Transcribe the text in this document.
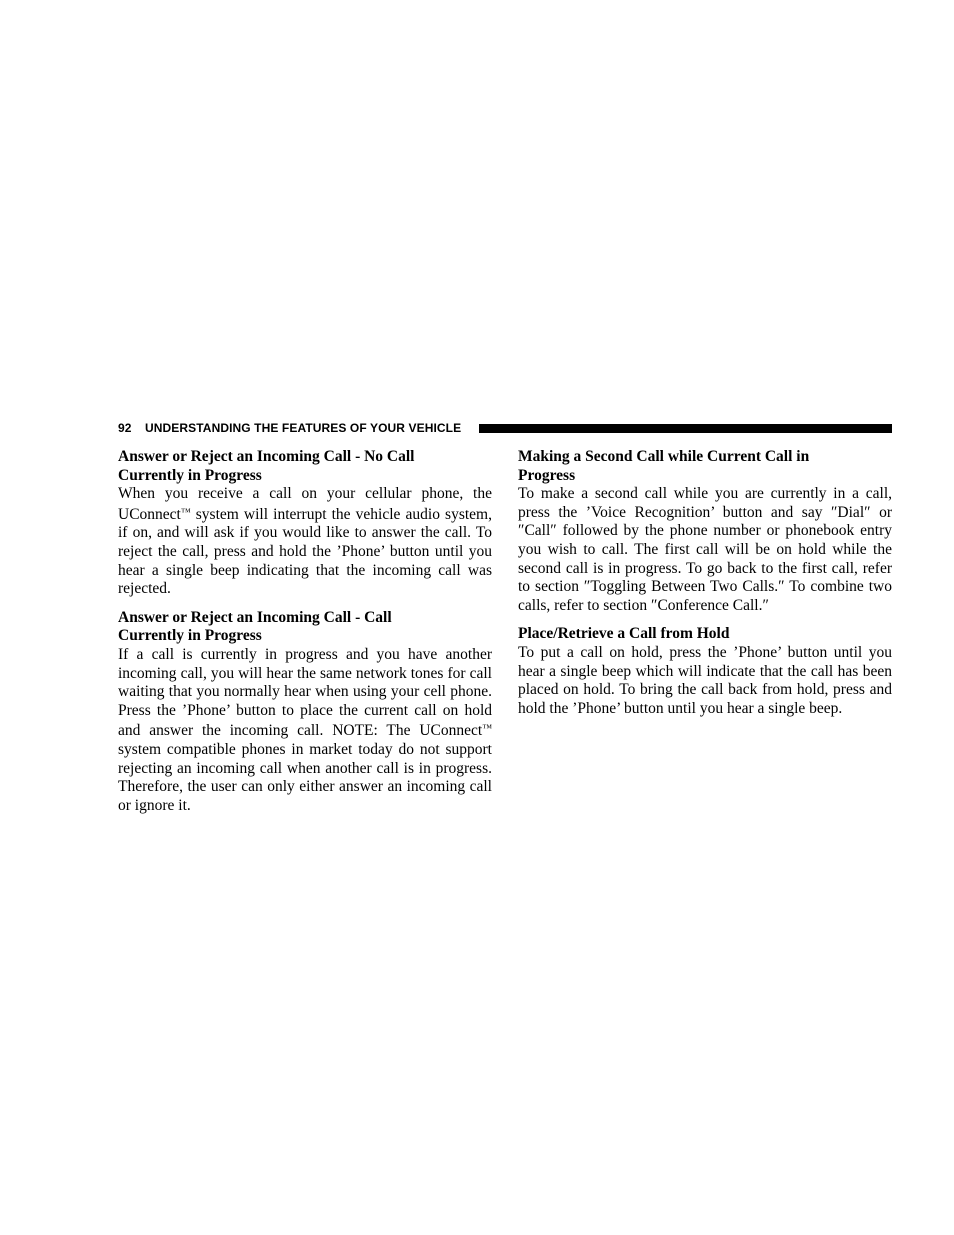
92 UNDERSTANDING THE FEATURES OF YOUR VEHICLE

Answer or Reject an Incoming Call - No Call
Currently in Progress

When you receive a call on your cellular phone, the UConnect™ system will interrupt the vehicle audio system, if on, and will ask if you would like to answer the call. To reject the call, press and hold the ’Phone’ button until you hear a single beep indicating that the incoming call was rejected.

Answer or Reject an Incoming Call - Call
Currently in Progress

If a call is currently in progress and you have another incoming call, you will hear the same network tones for call waiting that you normally hear when using your cell phone. Press the ’Phone’ button to place the current call on hold and answer the incoming call. NOTE: The UConnect™ system compatible phones in market today do not support rejecting an incoming call when another call is in progress. Therefore, the user can only either answer an incoming call or ignore it.

Making a Second Call while Current Call in
Progress

To make a second call while you are currently in a call, press the ’Voice Recognition’ button and say ″Dial″ or ″Call″ followed by the phone number or phonebook entry you wish to call. The first call will be on hold while the second call is in progress. To go back to the first call, refer to section ″Toggling Between Two Calls.″ To combine two calls, refer to section ″Conference Call.″

Place/Retrieve a Call from Hold

To put a call on hold, press the ’Phone’ button until you hear a single beep which will indicate that the call has been placed on hold. To bring the call back from hold, press and hold the ’Phone’ button until you hear a single beep.
